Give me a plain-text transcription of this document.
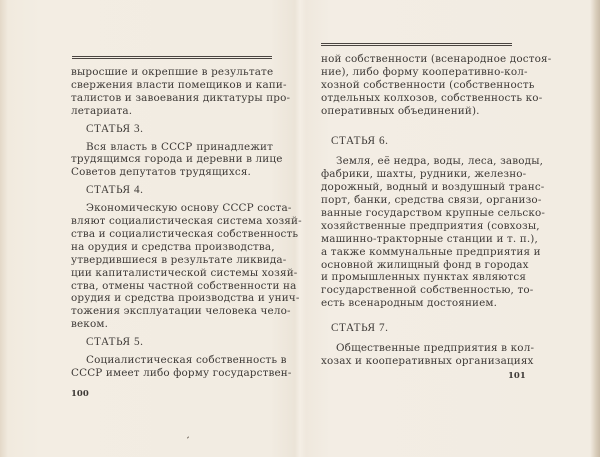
выросшие и окрепшие в результате
свержения власти помещиков и капи-
талистов и завоевания диктатуры про-
летариата.
СТАТЬЯ 3.
Вся власть в СССР принадлежит
трудящимся города и деревни в лице
Советов депутатов трудящихся.
СТАТЬЯ 4.
Экономическую основу СССР соста-
вляют социалистическая система хозяй-
ства и социалистическая собственность
на орудия и средства производства,
утвердившиеся в результате ликвида-
ции капиталистической системы хозяй-
ства, отмены частной собственности на
орудия и средства производства и унич-
тожения эксплуатации человека чело-
веком.
СТАТЬЯ 5.
Социалистическая собственность в
СССР имеет либо форму государствен-
100
ной собственности (всенародное достоя-
ние), либо форму кооперативно-кол-
хозной собственности (собственность
отдельных колхозов, собственность ко-
оперативных объединений).
СТАТЬЯ 6.
Земля, её недра, воды, леса, заводы,
фабрики, шахты, рудники, железно-
дорожный, водный и воздушный транс-
порт, банки, средства связи, организо-
ванные государством крупные сельско-
хозяйственные предприятия (совхозы,
машинно-тракторные станции и т. п.),
а также коммунальные предприятия и
основной жилищный фонд в городах
и промышленных пунктах являются
государственной собственностью, то-
есть всенародным достоянием.
СТАТЬЯ 7.
Общественные предприятия в кол-
хозах и кооперативных организациях
101
